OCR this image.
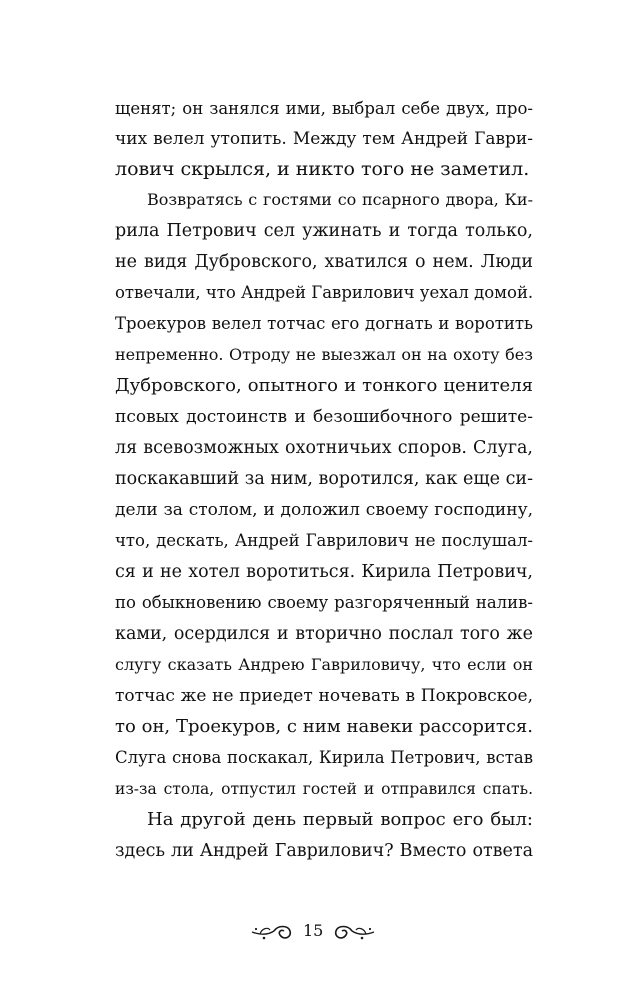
щенят; он занялся ими, выбрал себе двух, про-
чих велел утопить. Между тем Андрей Гаври-
лович скрылся, и никто того не заметил.
Возвратясь с гостями со псарного двора, Ки-
рила Петрович сел ужинать и тогда только,
не видя Дубровского, хватился о нем. Люди
отвечали, что Андрей Гаврилович уехал домой.
Троекуров велел тотчас его догнать и воротить
непременно. Отроду не выезжал он на охоту без
Дубровского, опытного и тонкого ценителя
псовых достоинств и безошибочного решите-
ля всевозможных охотничьих споров. Слуга,
поскакавший за ним, воротился, как еще си-
дели за столом, и доложил своему господину,
что, дескать, Андрей Гаврилович не послушал-
ся и не хотел воротиться. Кирила Петрович,
по обыкновению своему разгоряченный налив-
ками, осердился и вторично послал того же
слугу сказать Андрею Гавриловичу, что если он
тотчас же не приедет ночевать в Покровское,
то он, Троекуров, с ним навеки рассорится.
Слуга снова поскакал, Кирила Петрович, встав
из-за стола, отпустил гостей и отправился спать.
На другой день первый вопрос его был:
здесь ли Андрей Гаврилович? Вместо ответа
15
